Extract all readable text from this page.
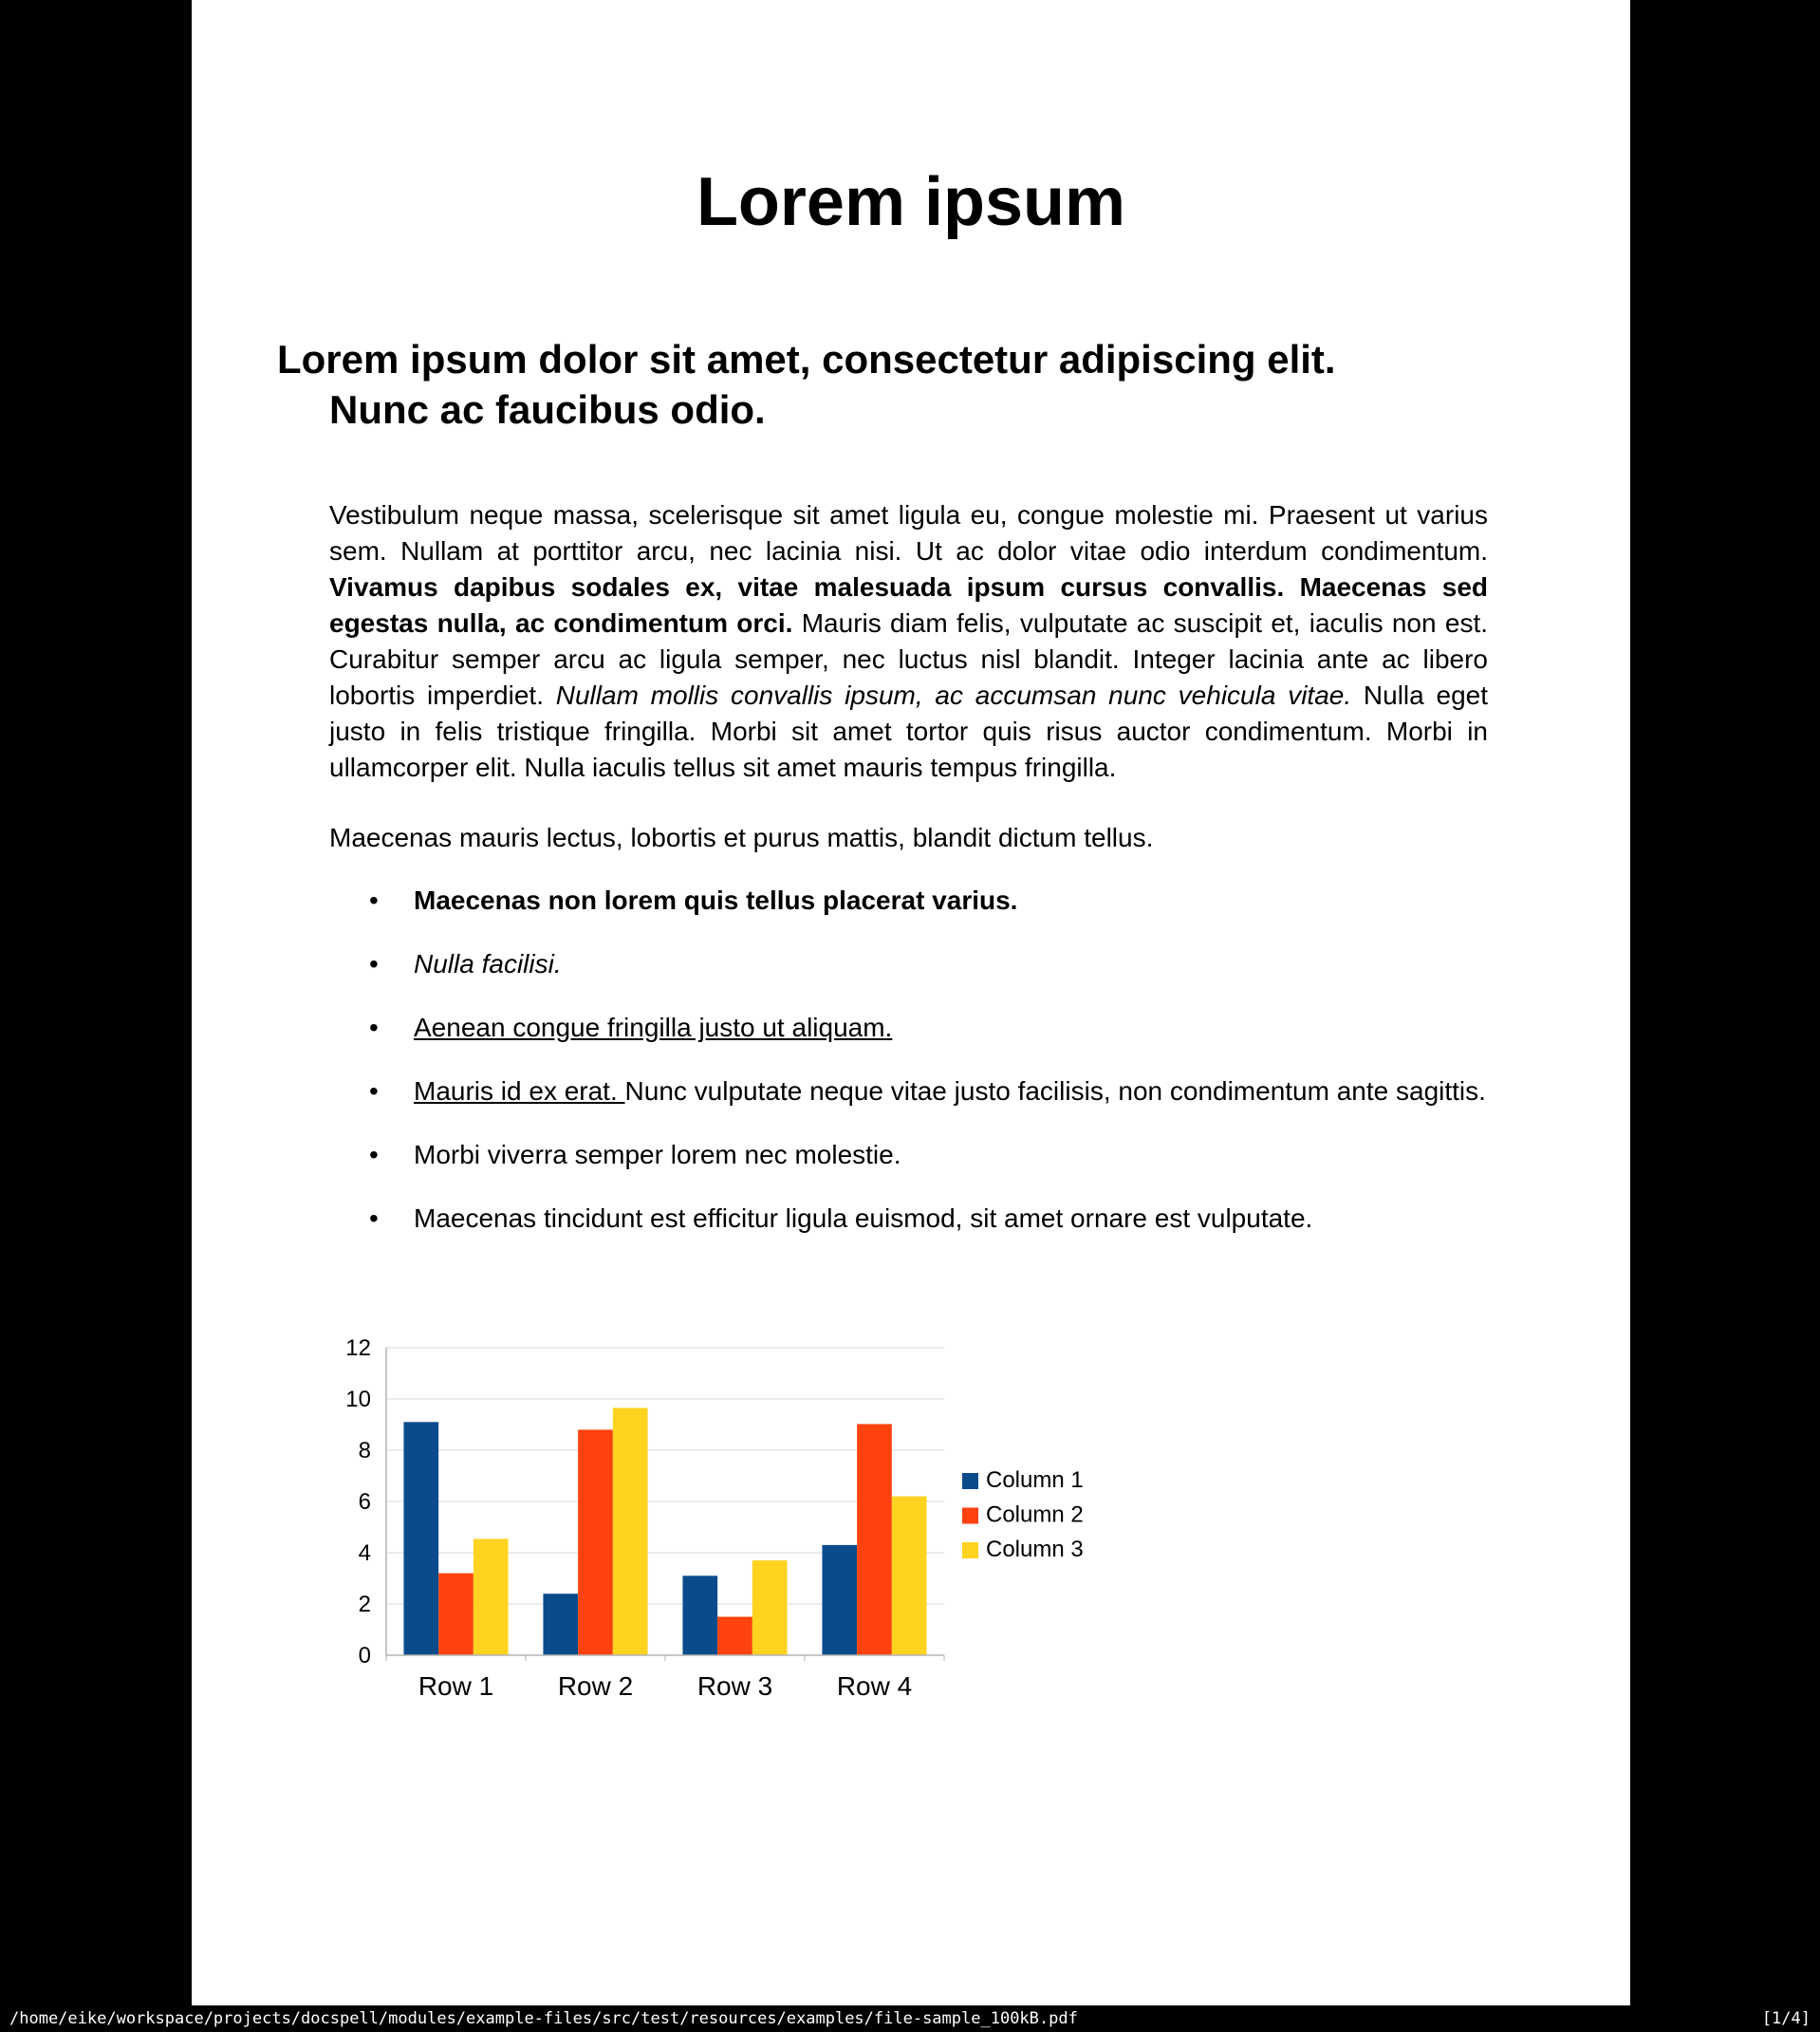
Lorem ipsum
Lorem ipsum dolor sit amet, consectetur adipiscing elit. Nunc ac faucibus odio.

Vestibulum neque massa, scelerisque sit amet ligula eu, congue molestie mi. Praesent ut varius sem. Nullam at porttitor arcu, nec lacinia nisi. Ut ac dolor vitae odio interdum condimentum. Vivamus dapibus sodales ex, vitae malesuada ipsum cursus convallis. Maecenas sed egestas nulla, ac condimentum orci. Mauris diam felis, vulputate ac suscipit et, iaculis non est. Curabitur semper arcu ac ligula semper, nec luctus nisl blandit. Integer lacinia ante ac libero lobortis imperdiet. Nullam mollis convallis ipsum, ac accumsan nunc vehicula vitae. Nulla eget justo in felis tristique fringilla. Morbi sit amet tortor quis risus auctor condimentum. Morbi in ullamcorper elit. Nulla iaculis tellus sit amet mauris tempus fringilla.

Maecenas mauris lectus, lobortis et purus mattis, blandit dictum tellus.

• Maecenas non lorem quis tellus placerat varius.
• Nulla facilisi.
• Aenean congue fringilla justo ut aliquam.
• Mauris id ex erat. Nunc vulputate neque vitae justo facilisis, non condimentum ante sagittis.
• Morbi viverra semper lorem nec molestie.
• Maecenas tincidunt est efficitur ligula euismod, sit amet ornare est vulputate.
0
2
4
6
8
10
12
Row 1 Row 2 Row 3 Row 4
Column 1
Column 2
Column 3
/home/eike/workspace/projects/docspell/modules/example-files/src/test/resources/examples/file-sample_100kB.pdf	[1/4]
